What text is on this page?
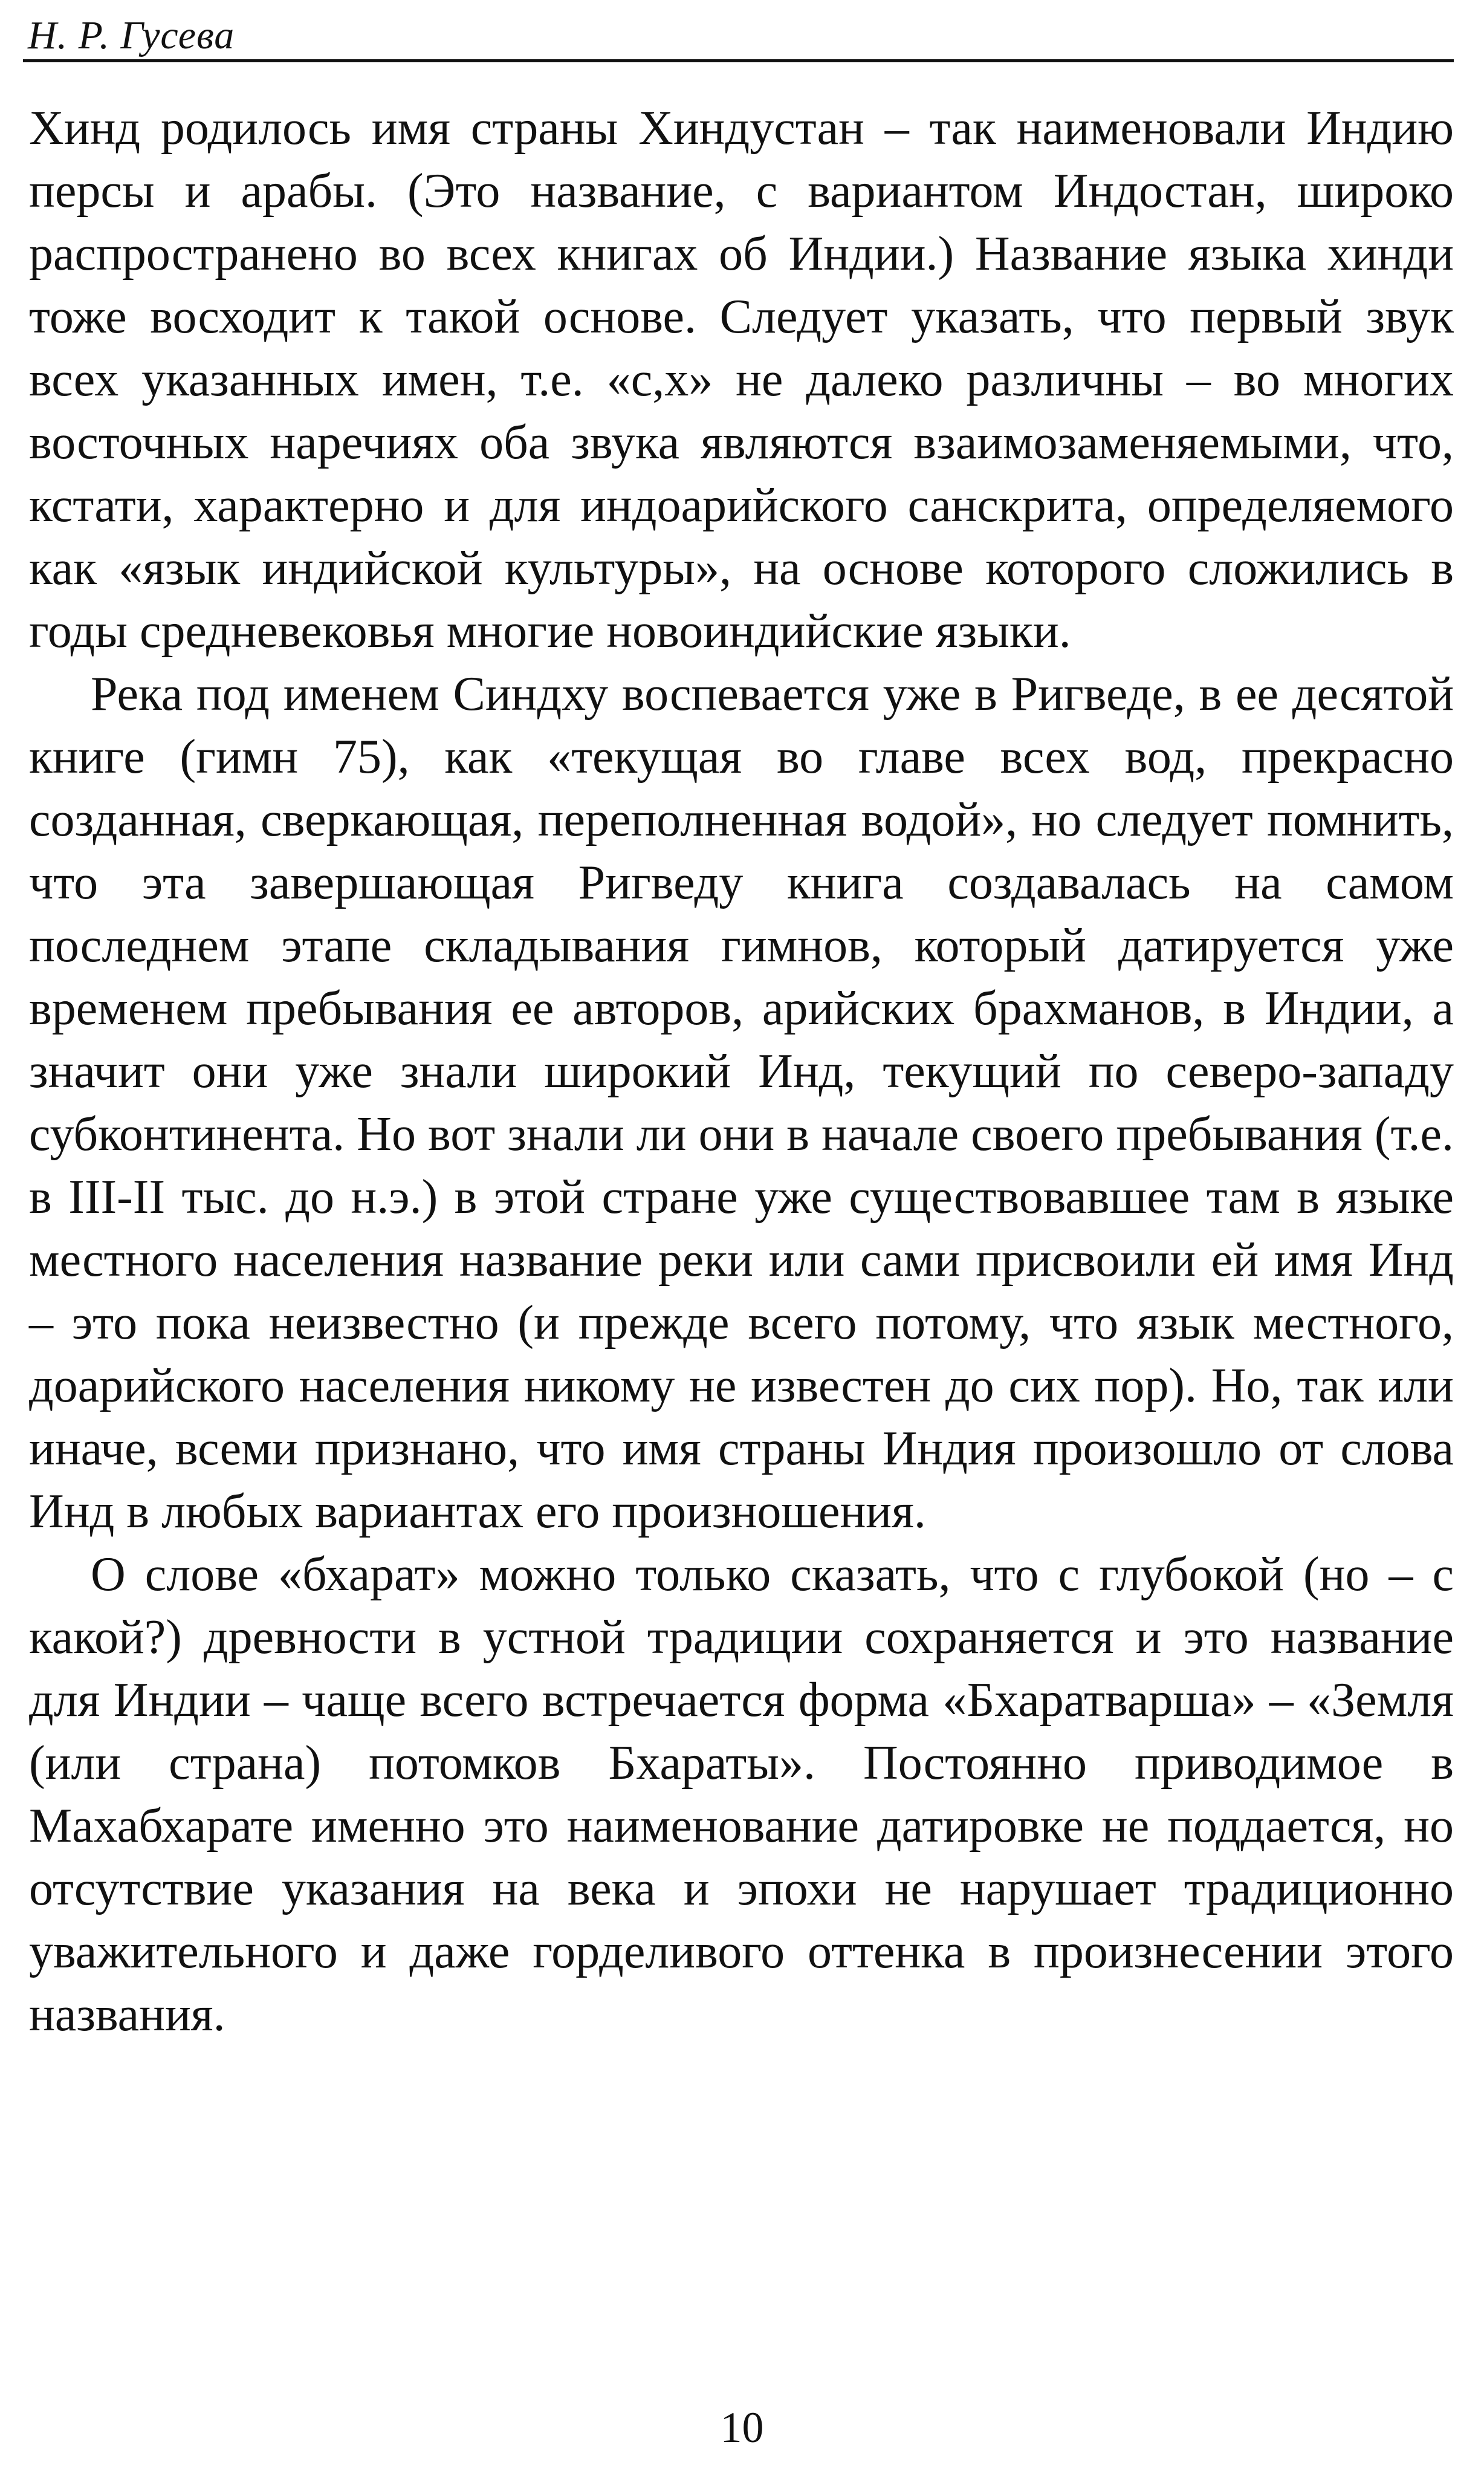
Н. Р. Гусева

Хинд родилось имя страны Хиндустан – так наименовали Индию персы и арабы. (Это название, с вариантом Индостан, широко распространено во всех книгах об Индии.) Название языка хинди тоже восходит к такой основе. Следует указать, что первый звук всех указанных имен, т.е. «с,х» не далеко различны – во многих восточных наречиях оба звука являются взаимозаменяемыми, что, кстати, характерно и для индоарийского санскрита, определяемого как «язык индийской культуры», на основе которого сложились в годы средневековья многие новоиндийские языки.

Река под именем Синдху воспевается уже в Ригведе, в ее десятой книге (гимн 75), как «текущая во главе всех вод, прекрасно созданная, сверкающая, переполненная водой», но следует помнить, что эта завершающая Ригведу книга создавалась на самом последнем этапе складывания гимнов, который датируется уже временем пребывания ее авторов, арийских брахманов, в Индии, а значит они уже знали широкий Инд, текущий по северо-западу субконтинента. Но вот знали ли они в начале своего пребывания (т.е. в III-II тыс. до н.э.) в этой стране уже существовавшее там в языке местного населения название реки или сами присвоили ей имя Инд – это пока неизвестно (и прежде всего потому, что язык местного, доарийского населения никому не известен до сих пор). Но, так или иначе, всеми признано, что имя страны Индия произошло от слова Инд в любых вариантах его произношения.

О слове «бхарат» можно только сказать, что с глубокой (но – с какой?) древности в устной традиции сохраняется и это название для Индии – чаще всего встречается форма «Бхаратварша» – «Земля (или страна) потомков Бхараты». Постоянно приводимое в Махабхарате именно это наименование датировке не поддается, но отсутствие указания на века и эпохи не нарушает традиционно уважительного и даже горделивого оттенка в произнесении этого названия.

10
